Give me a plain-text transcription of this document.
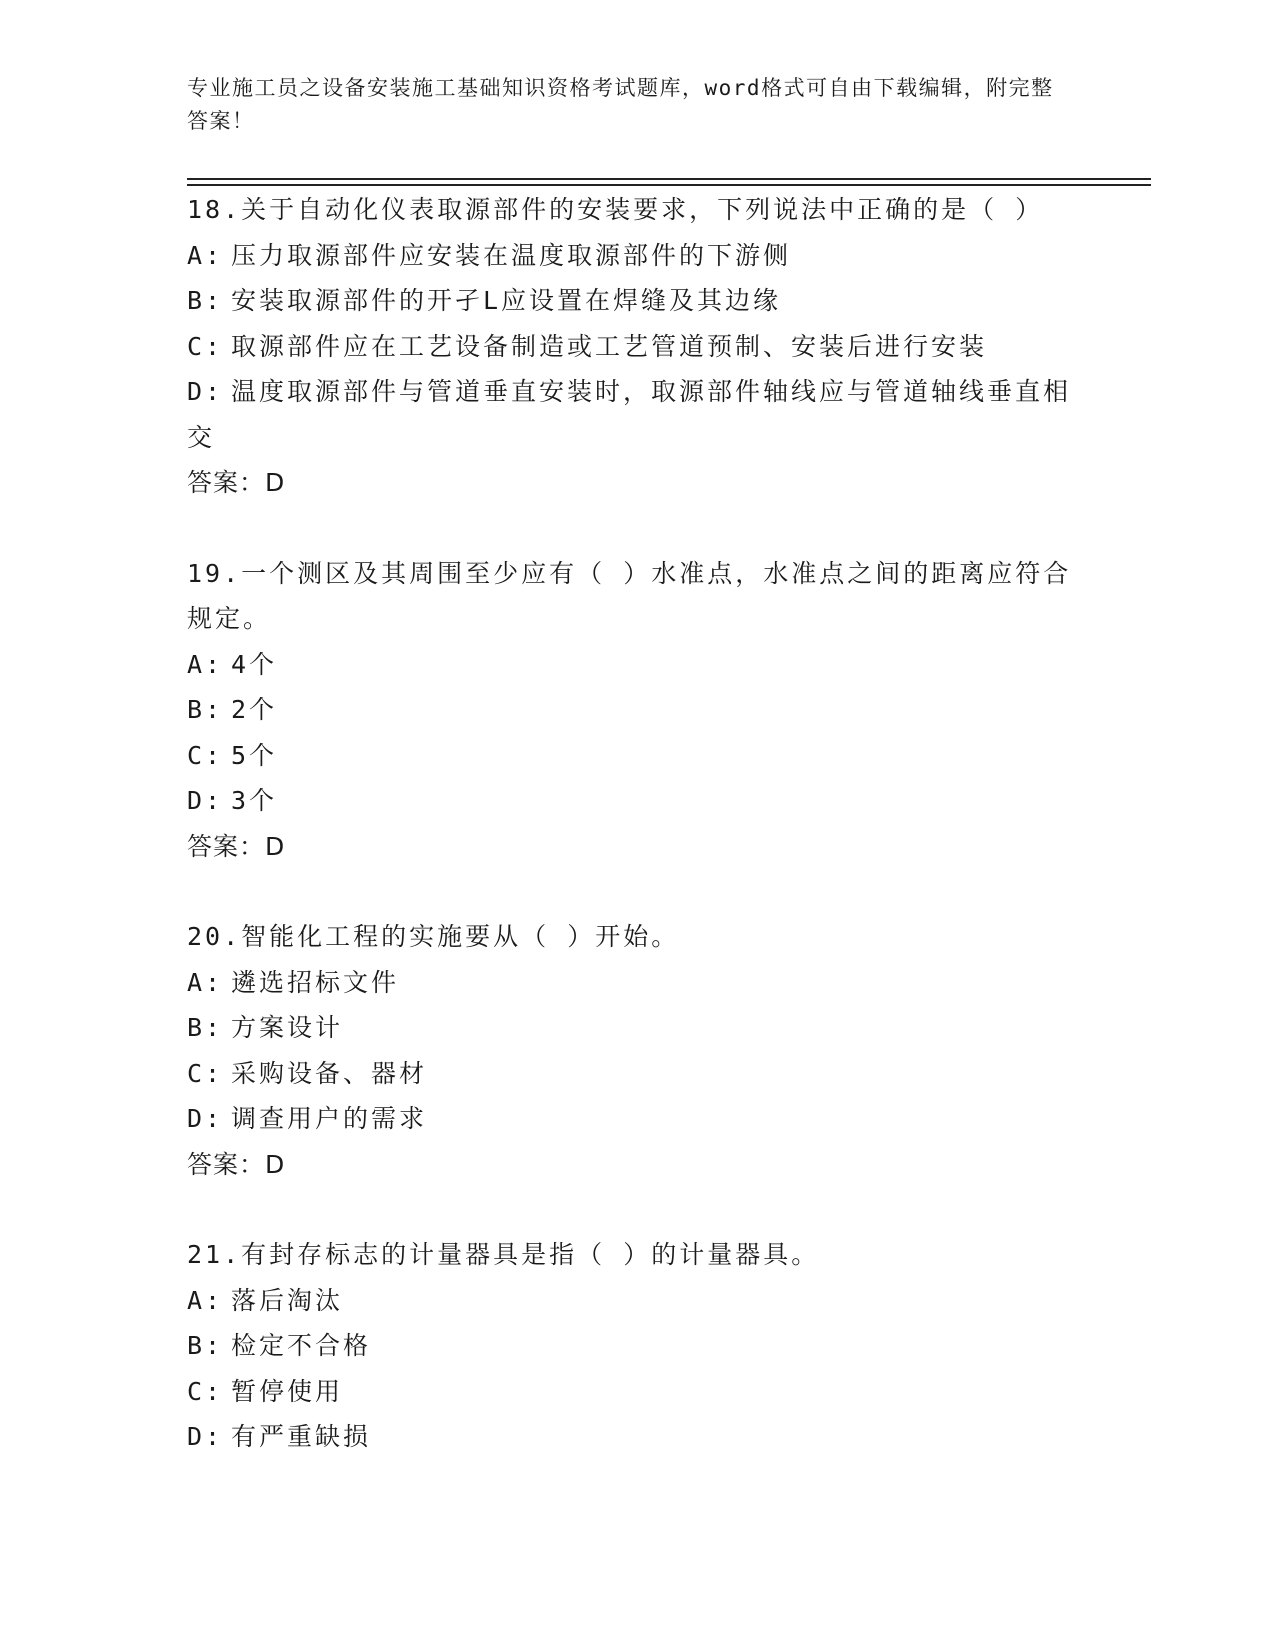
专业施工员之设备安装施工基础知识资格考试题库，word格式可自由下载编辑，附完整答案！
18.关于自动化仪表取源部件的安装要求，下列说法中正确的是（ ）
A: 压力取源部件应安装在温度取源部件的下游侧
B: 安装取源部件的开孑L应设置在焊缝及其边缘
C: 取源部件应在工艺设备制造或工艺管道预制、安装后进行安装
D: 温度取源部件与管道垂直安装时，取源部件轴线应与管道轴线垂直相交
答案：D
19.一个测区及其周围至少应有（ ）水准点，水准点之间的距离应符合规定。
A: 4个
B: 2个
C: 5个
D: 3个
答案：D
20.智能化工程的实施要从（ ）开始。
A: 遴选招标文件
B: 方案设计
C: 采购设备、器材
D: 调查用户的需求
答案：D
21.有封存标志的计量器具是指（ ）的计量器具。
A: 落后淘汰
B: 检定不合格
C: 暂停使用
D: 有严重缺损
